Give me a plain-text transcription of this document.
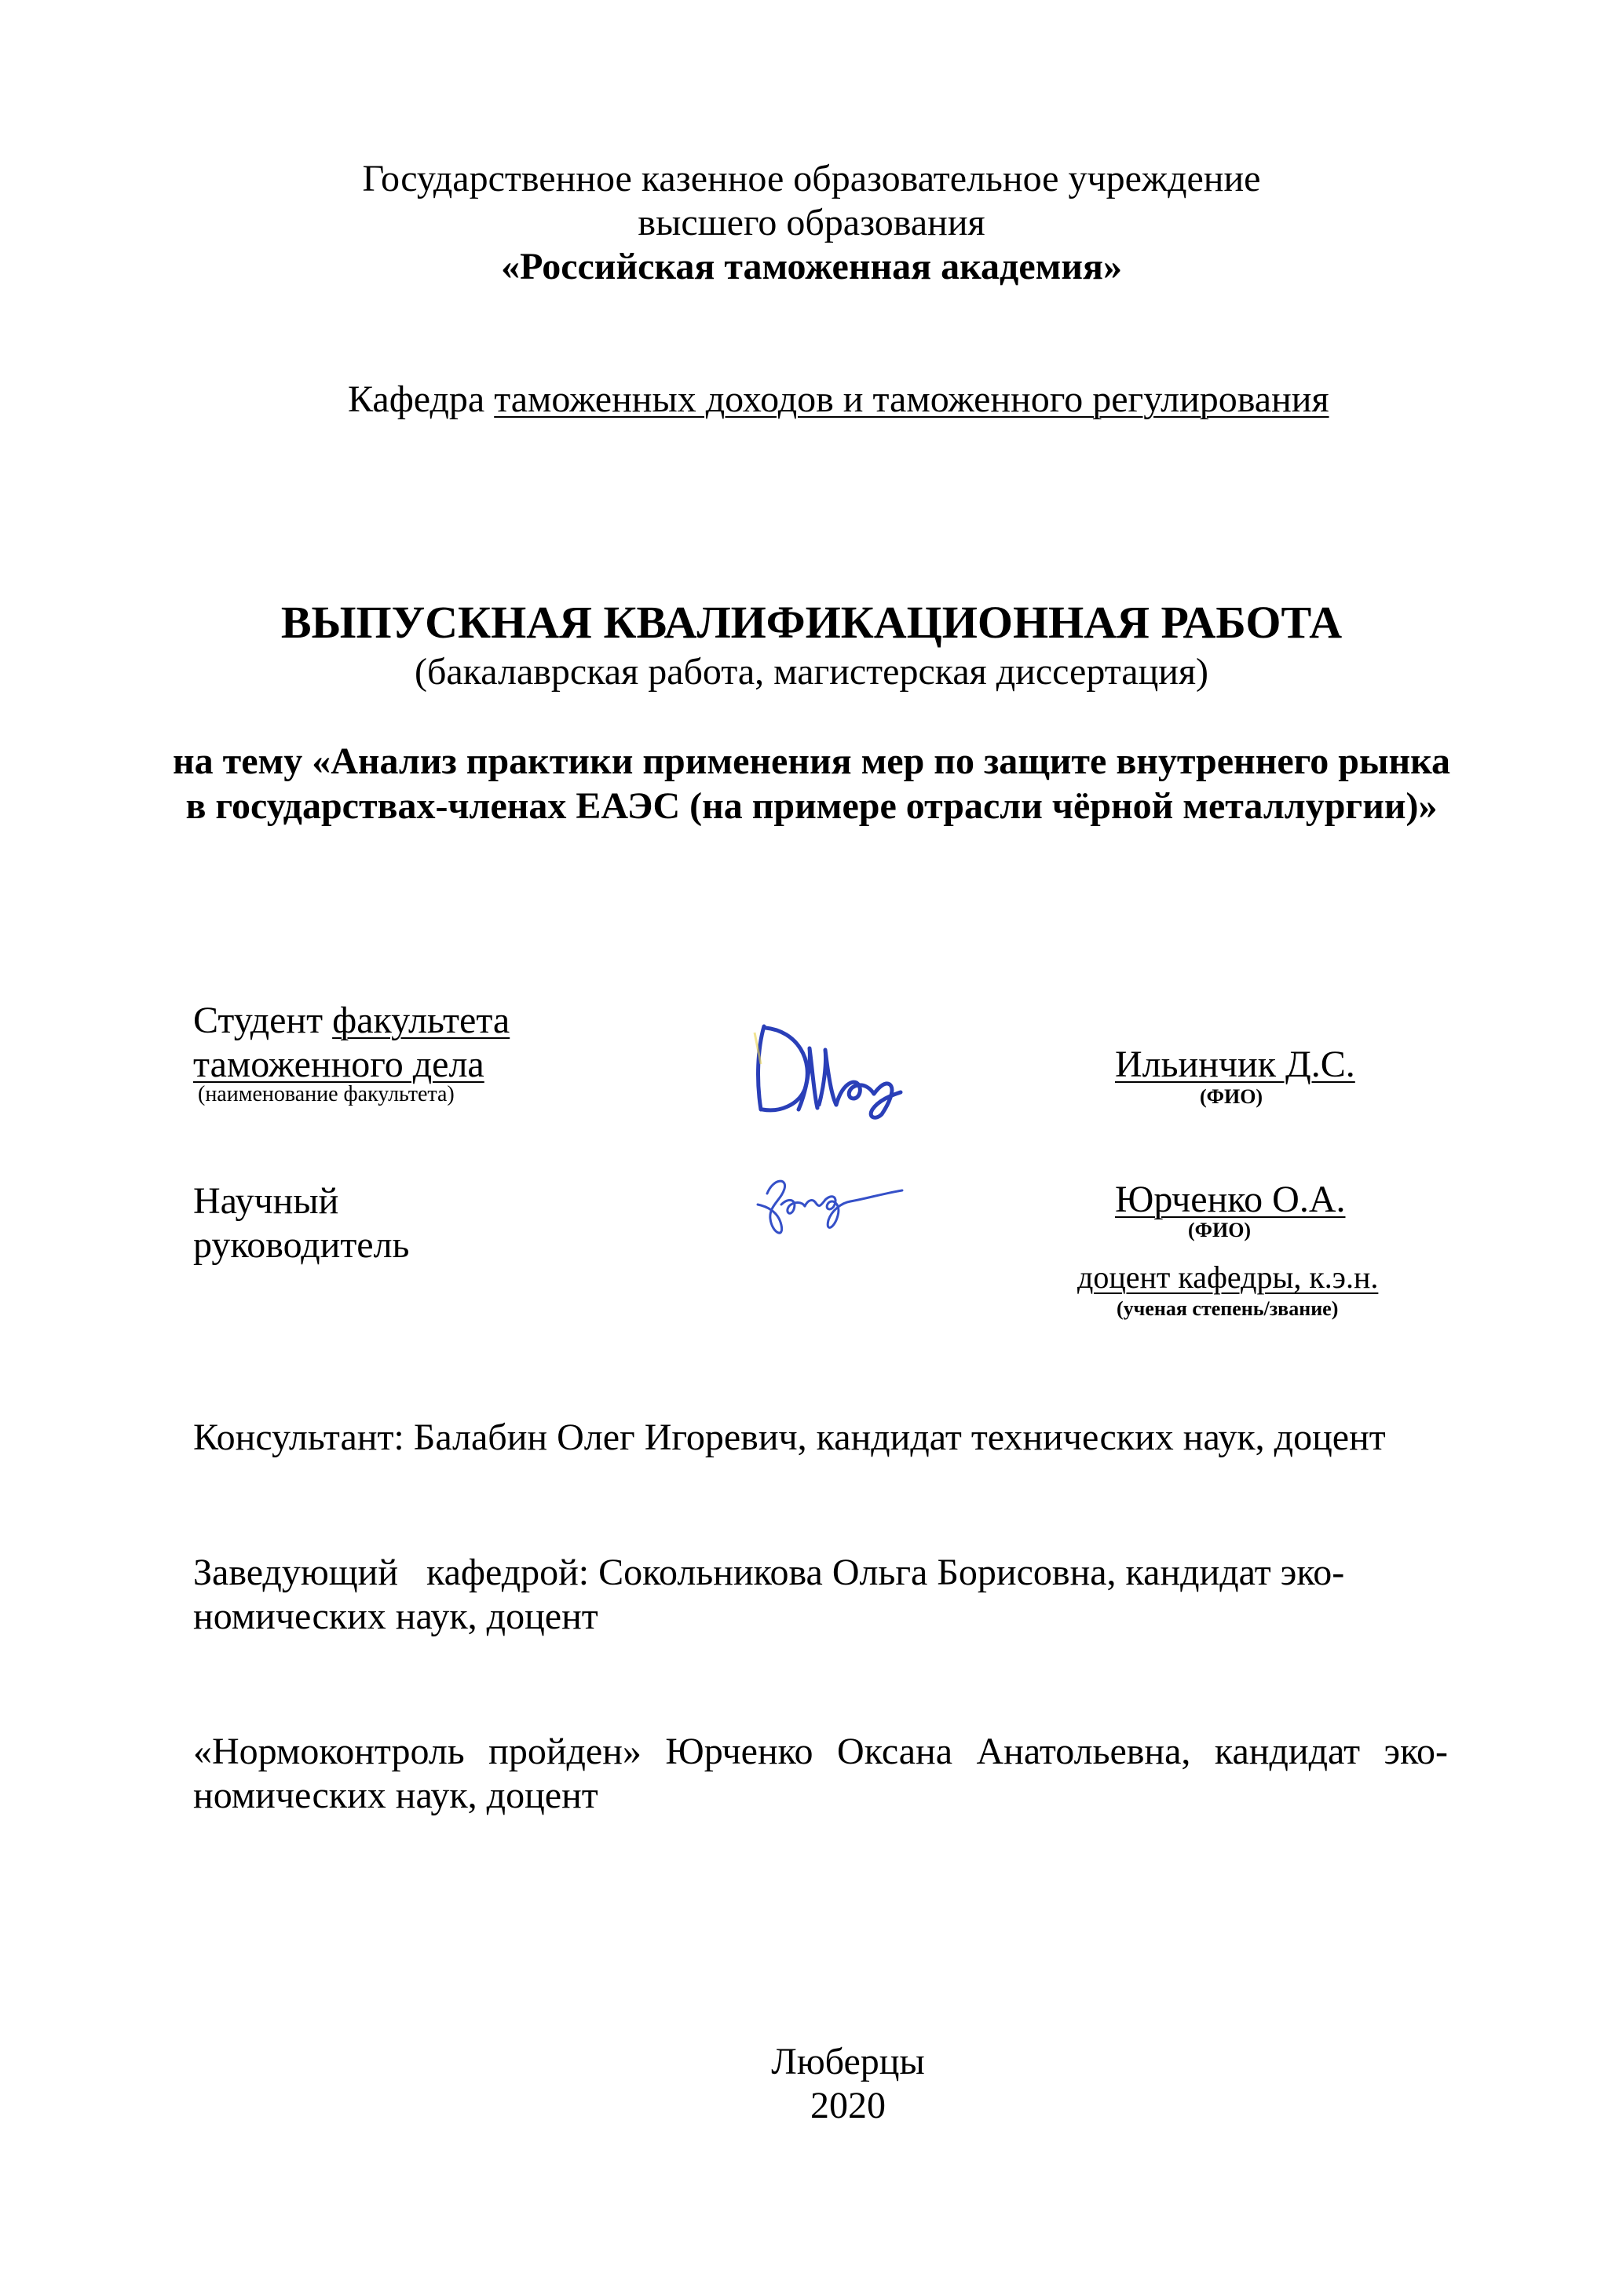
Государственное казенное образовательное учреждение
высшего образования
«Российская таможенная академия»
Кафедра таможенных доходов и таможенного регулирования
ВЫПУСКНАЯ КВАЛИФИКАЦИОННАЯ РАБОТА
(бакалаврская работа, магистерская диссертация)
на тему «Анализ практики применения мер по защите внутреннего рынка
в государствах-членах ЕАЭС (на примере отрасли чёрной металлургии)»
Студент факультета
таможенного дела
(наименование факультета)
Ильинчик Д.С.
(ФИО)
Научный
руководитель
Юрченко О.А.
(ФИО)
доцент кафедры, к.э.н.
(ученая степень/звание)
Консультант: Балабин Олег Игоревич, кандидат технических наук, доцент
Заведующий   кафедрой: Сокольникова Ольга Борисовна, кандидат эко-
номических наук, доцент
«Нормоконтроль пройден» Юрченко Оксана Анатольевна, кандидат эко-
номических наук, доцент
Люберцы
2020
